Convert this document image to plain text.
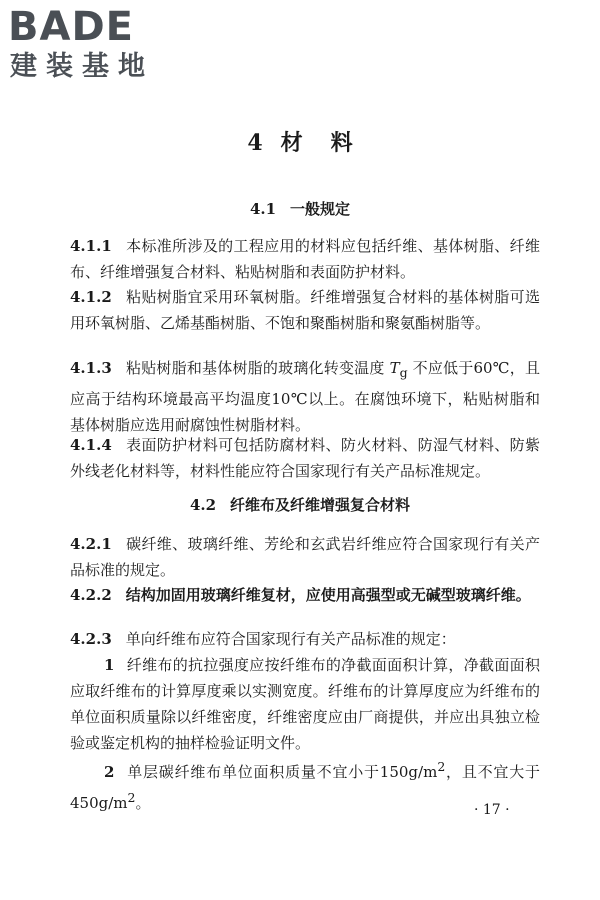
BADE
建装基地
4 材 料
4.1 一般规定
4.1.1 本标准所涉及的工程应用的材料应包括纤维、基体树脂、纤维布、纤维增强复合材料、粘贴树脂和表面防护材料。
4.1.2 粘贴树脂宜采用环氧树脂。纤维增强复合材料的基体树脂可选用环氧树脂、乙烯基酯树脂、不饱和聚酯树脂和聚氨酯树脂等。
4.1.3 粘贴树脂和基体树脂的玻璃化转变温度 $T_g$ 不应低于60℃，且应高于结构环境最高平均温度10℃以上。在腐蚀环境下，粘贴树脂和基体树脂应选用耐腐蚀性树脂材料。
4.1.4 表面防护材料可包括防腐材料、防火材料、防湿气材料、防紫外线老化材料等，材料性能应符合国家现行有关产品标准规定。
4.2 纤维布及纤维增强复合材料
4.2.1 碳纤维、玻璃纤维、芳纶和玄武岩纤维应符合国家现行有关产品标准的规定。
4.2.2 结构加固用玻璃纤维复材，应使用高强型或无碱型玻璃纤维。
4.2.3 单向纤维布应符合国家现行有关产品标准的规定：
1 纤维布的抗拉强度应按纤维布的净截面面积计算，净截面面积应取纤维布的计算厚度乘以实测宽度。纤维布的计算厚度应为纤维布的单位面积质量除以纤维密度，纤维密度应由厂商提供，并应出具独立检验或鉴定机构的抽样检验证明文件。
2 单层碳纤维布单位面积质量不宜小于$150g/m^2$，且不宜大于$450g/m^2$。	· 17 ·
